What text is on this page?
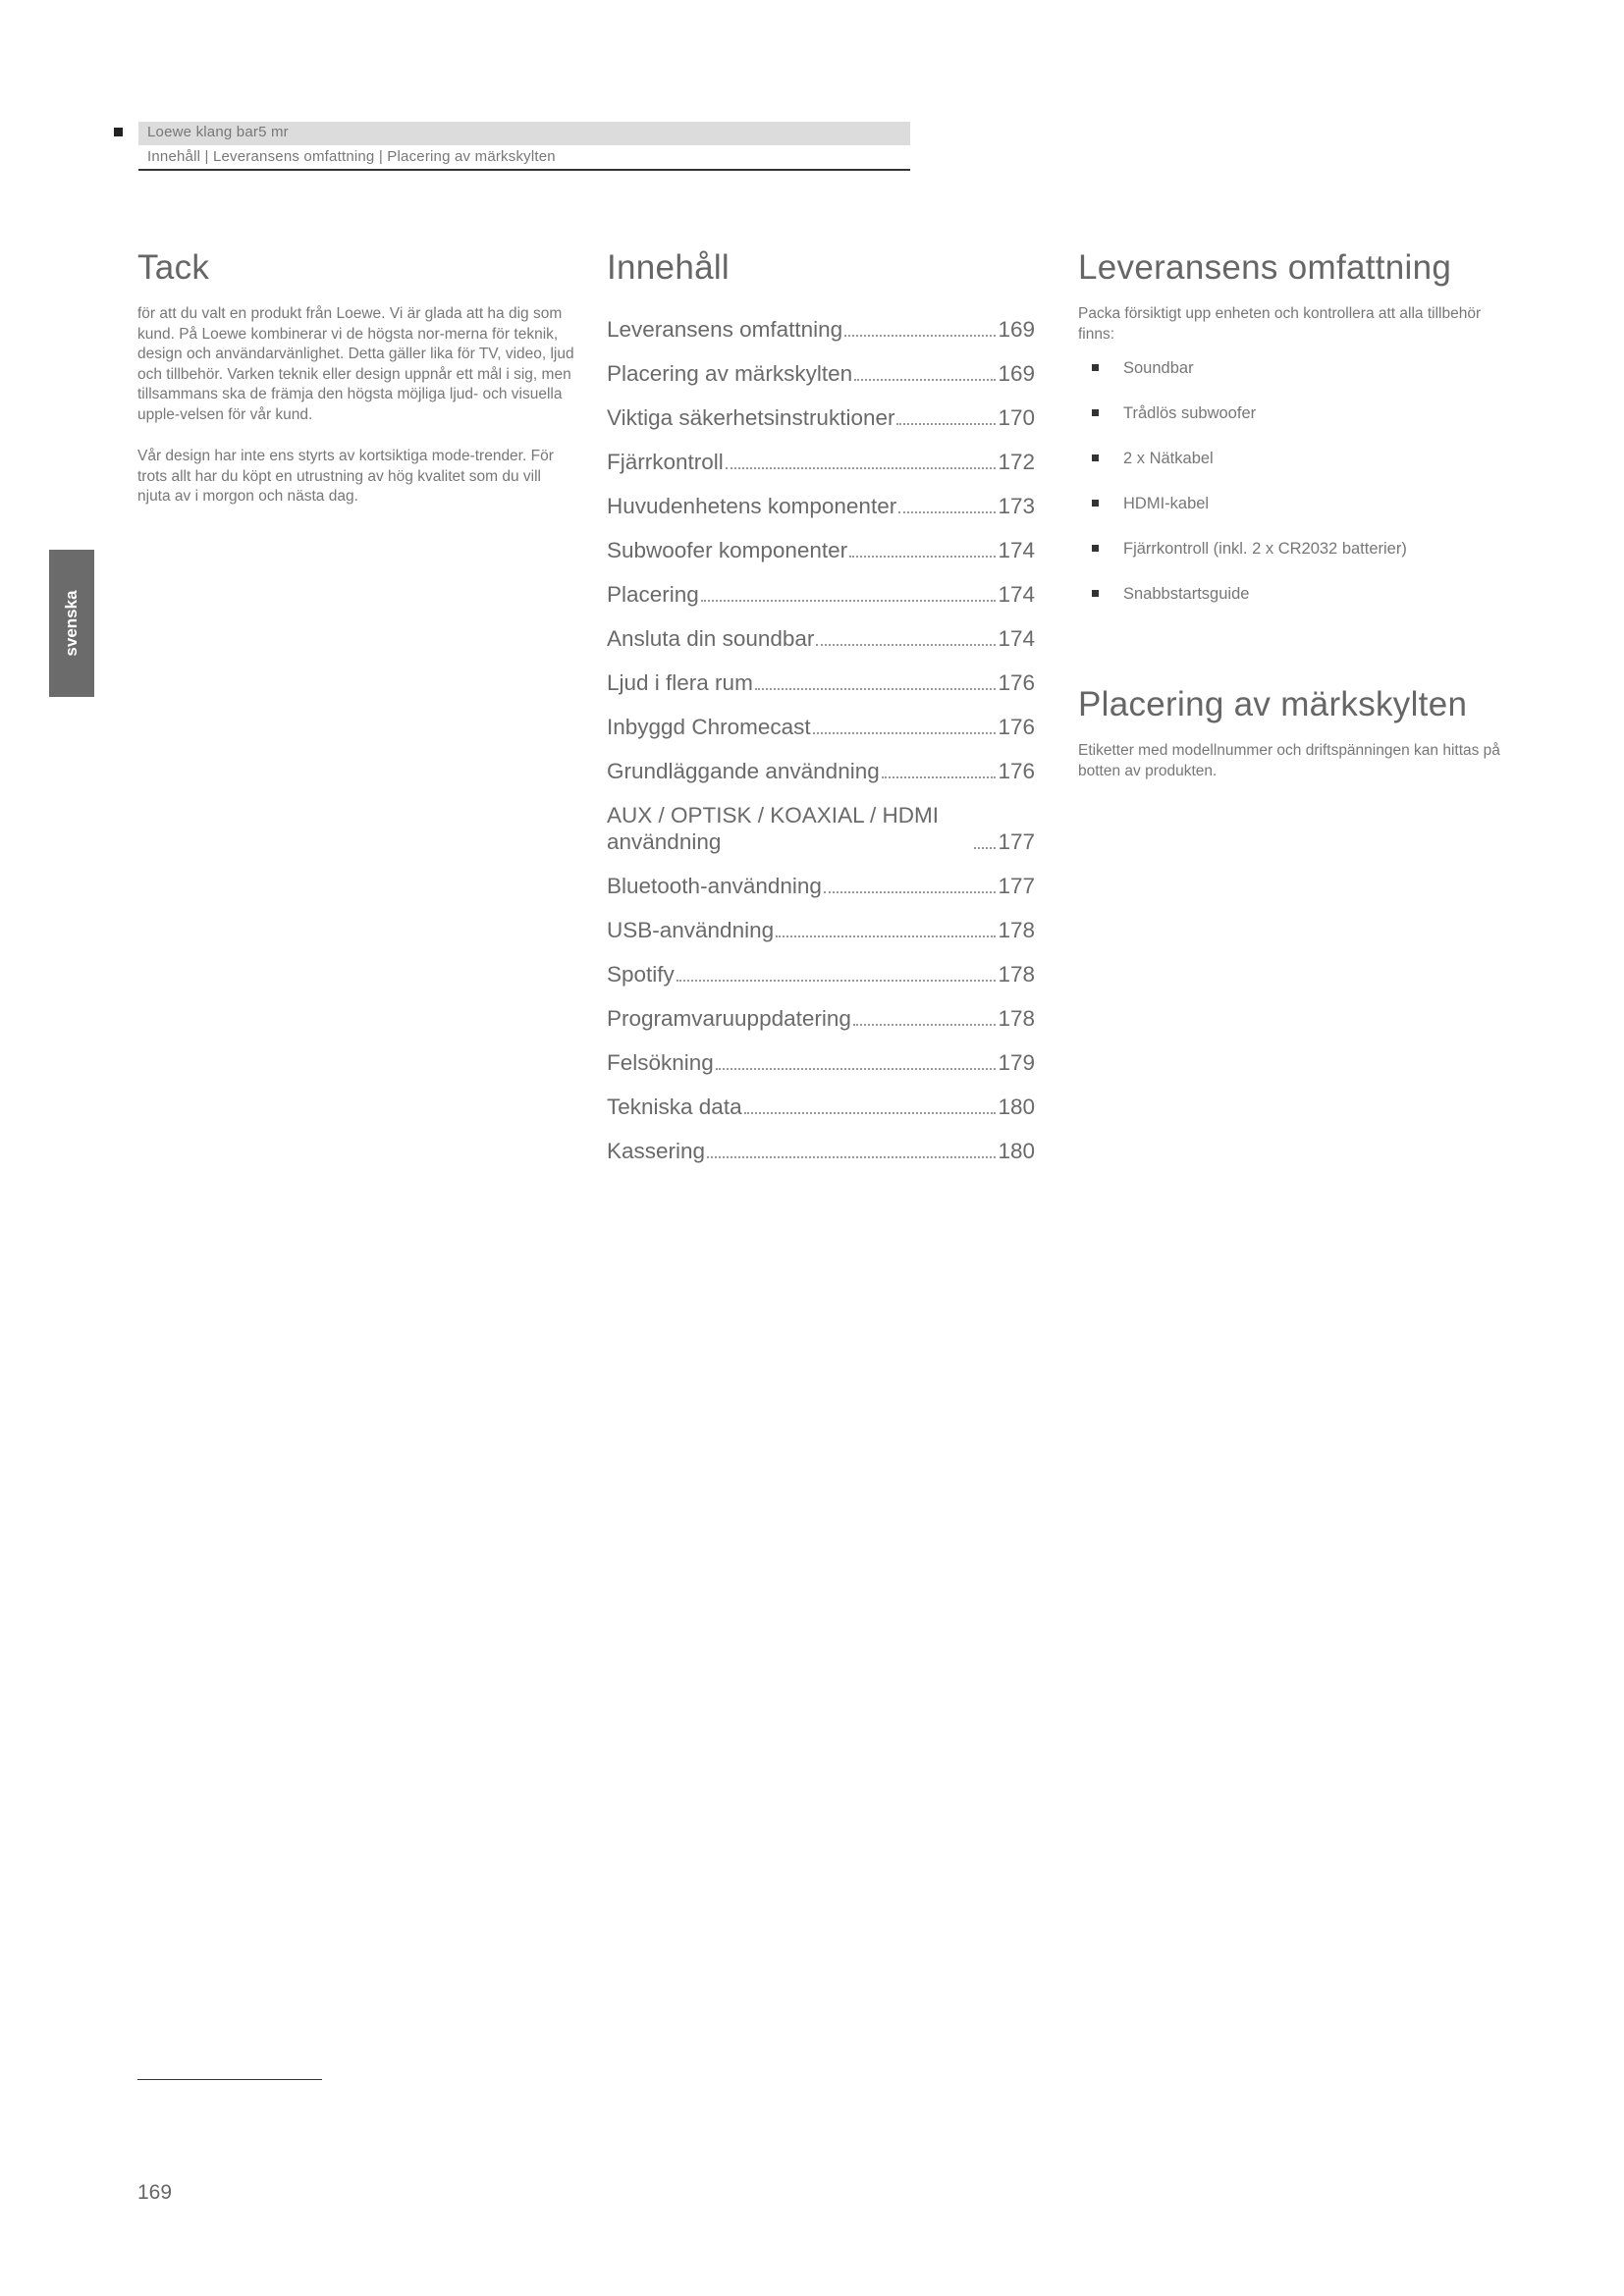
Loewe klang bar5 mr
Innehåll | Leveransens omfattning | Placering av märkskylten
svenska
Tack

för att du valt en produkt från Loewe. Vi är glada att ha dig som kund. På Loewe kombinerar vi de högsta nor-merna för teknik, design och användarvänlighet. Detta gäller lika för TV, video, ljud och tillbehör. Varken teknik eller design uppnår ett mål i sig, men tillsammans ska de främja den högsta möjliga ljud- och visuella upple-velsen för vår kund.

Vår design har inte ens styrts av kortsiktiga mode-trender. För trots allt har du köpt en utrustning av hög kvalitet som du vill njuta av i morgon och nästa dag.

Innehåll
Leveransens omfattning	169
Placering av märkskylten	169
Viktiga säkerhetsinstruktioner	170
Fjärrkontroll	172
Huvudenhetens komponenter	173
Subwoofer komponenter	174
Placering	174
Ansluta din soundbar	174
Ljud i flera rum	176
Inbyggd Chromecast	176
Grundläggande användning	176
AUX / OPTISK / KOAXIAL / HDMI användning	177
Bluetooth-användning	177
USB-användning	178
Spotify	178
Programvaruuppdatering	178
Felsökning	179
Tekniska data	180
Kassering	180
Leveransens omfattning

Packa försiktigt upp enheten och kontrollera att alla tillbehör finns:

Soundbar
Trådlös subwoofer
2 x Nätkabel
HDMI-kabel
Fjärrkontroll (inkl. 2 x CR2032 batterier)
Snabbstartsguide
Placering av märkskylten

Etiketter med modellnummer och driftspänningen kan hittas på botten av produkten.

169
